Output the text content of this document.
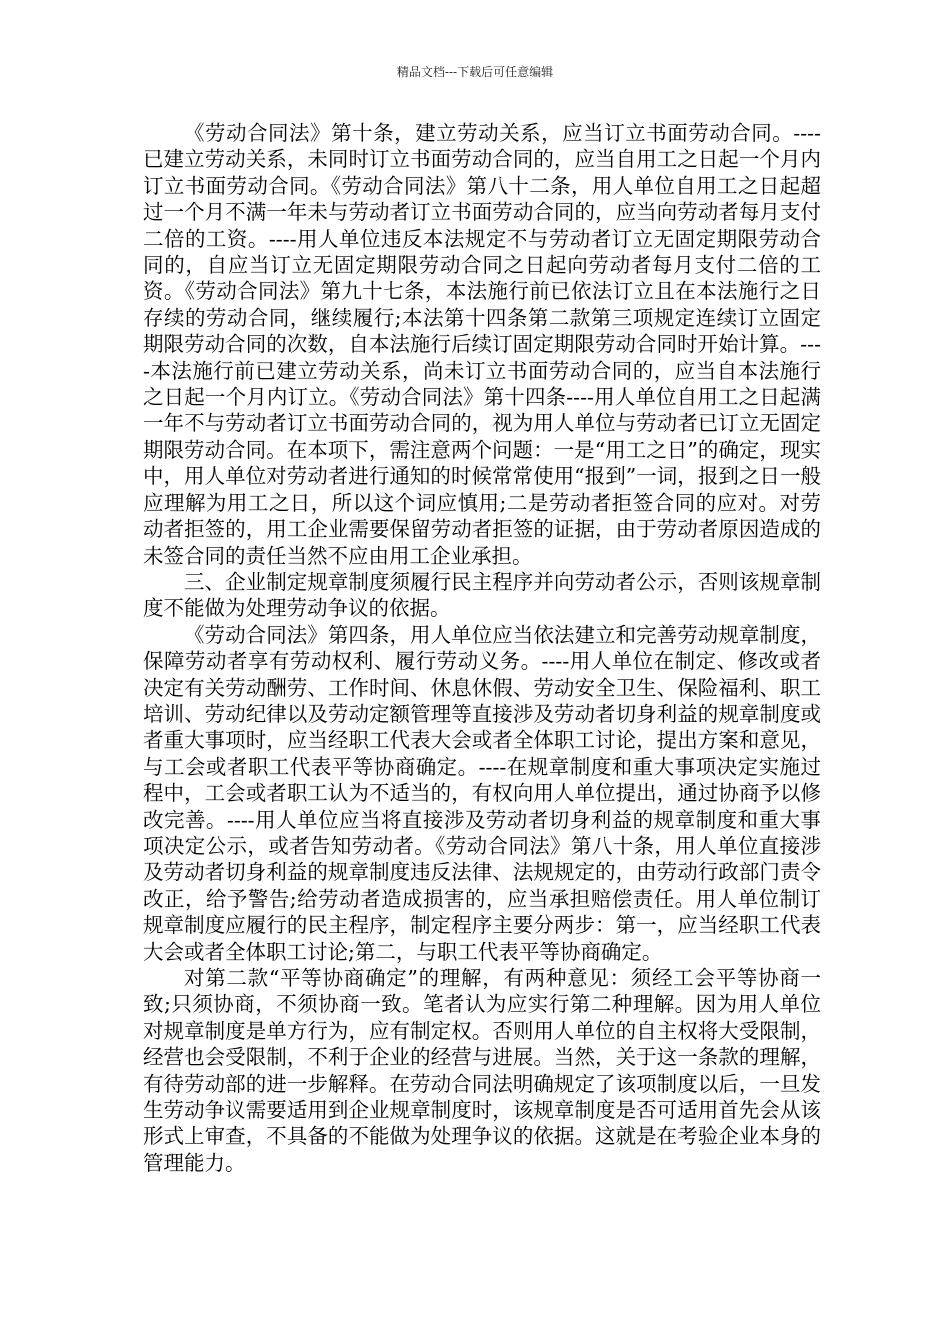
精品文档---下载后可任意编辑

《劳动合同法》第十条，建立劳动关系，应当订立书面劳动合同。----已建立劳动关系，未同时订立书面劳动合同的，应当自用工之日起一个月内订立书面劳动合同。《劳动合同法》第八十二条，用人单位自用工之日起超过一个月不满一年未与劳动者订立书面劳动合同的，应当向劳动者每月支付二倍的工资。----用人单位违反本法规定不与劳动者订立无固定期限劳动合同的，自应当订立无固定期限劳动合同之日起向劳动者每月支付二倍的工资。《劳动合同法》第九十七条，本法施行前已依法订立且在本法施行之日存续的劳动合同，继续履行;本法第十四条第二款第三项规定连续订立固定期限劳动合同的次数，自本法施行后续订固定期限劳动合同时开始计算。----本法施行前已建立劳动关系，尚未订立书面劳动合同的，应当自本法施行之日起一个月内订立。《劳动合同法》第十四条----用人单位自用工之日起满一年不与劳动者订立书面劳动合同的，视为用人单位与劳动者已订立无固定期限劳动合同。在本项下，需注意两个问题：一是“用工之日”的确定，现实中，用人单位对劳动者进行通知的时候常常使用“报到”一词，报到之日一般应理解为用工之日，所以这个词应慎用;二是劳动者拒签合同的应对。对劳动者拒签的，用工企业需要保留劳动者拒签的证据，由于劳动者原因造成的未签合同的责任当然不应由用工企业承担。

三、企业制定规章制度须履行民主程序并向劳动者公示，否则该规章制度不能做为处理劳动争议的依据。

《劳动合同法》第四条，用人单位应当依法建立和完善劳动规章制度，保障劳动者享有劳动权利、履行劳动义务。----用人单位在制定、修改或者决定有关劳动酬劳、工作时间、休息休假、劳动安全卫生、保险福利、职工培训、劳动纪律以及劳动定额管理等直接涉及劳动者切身利益的规章制度或者重大事项时，应当经职工代表大会或者全体职工讨论，提出方案和意见，与工会或者职工代表平等协商确定。----在规章制度和重大事项决定实施过程中，工会或者职工认为不适当的，有权向用人单位提出，通过协商予以修改完善。----用人单位应当将直接涉及劳动者切身利益的规章制度和重大事项决定公示，或者告知劳动者。《劳动合同法》第八十条，用人单位直接涉及劳动者切身利益的规章制度违反法律、法规规定的，由劳动行政部门责令改正，给予警告;给劳动者造成损害的，应当承担赔偿责任。用人单位制订规章制度应履行的民主程序，制定程序主要分两步：第一，应当经职工代表大会或者全体职工讨论;第二，与职工代表平等协商确定。

对第二款“平等协商确定”的理解，有两种意见：须经工会平等协商一致;只须协商，不须协商一致。笔者认为应实行第二种理解。因为用人单位对规章制度是单方行为，应有制定权。否则用人单位的自主权将大受限制，经营也会受限制，不利于企业的经营与进展。当然，关于这一条款的理解，有待劳动部的进一步解释。在劳动合同法明确规定了该项制度以后，一旦发生劳动争议需要适用到企业规章制度时，该规章制度是否可适用首先会从该形式上审查，不具备的不能做为处理争议的依据。这就是在考验企业本身的管理能力。
